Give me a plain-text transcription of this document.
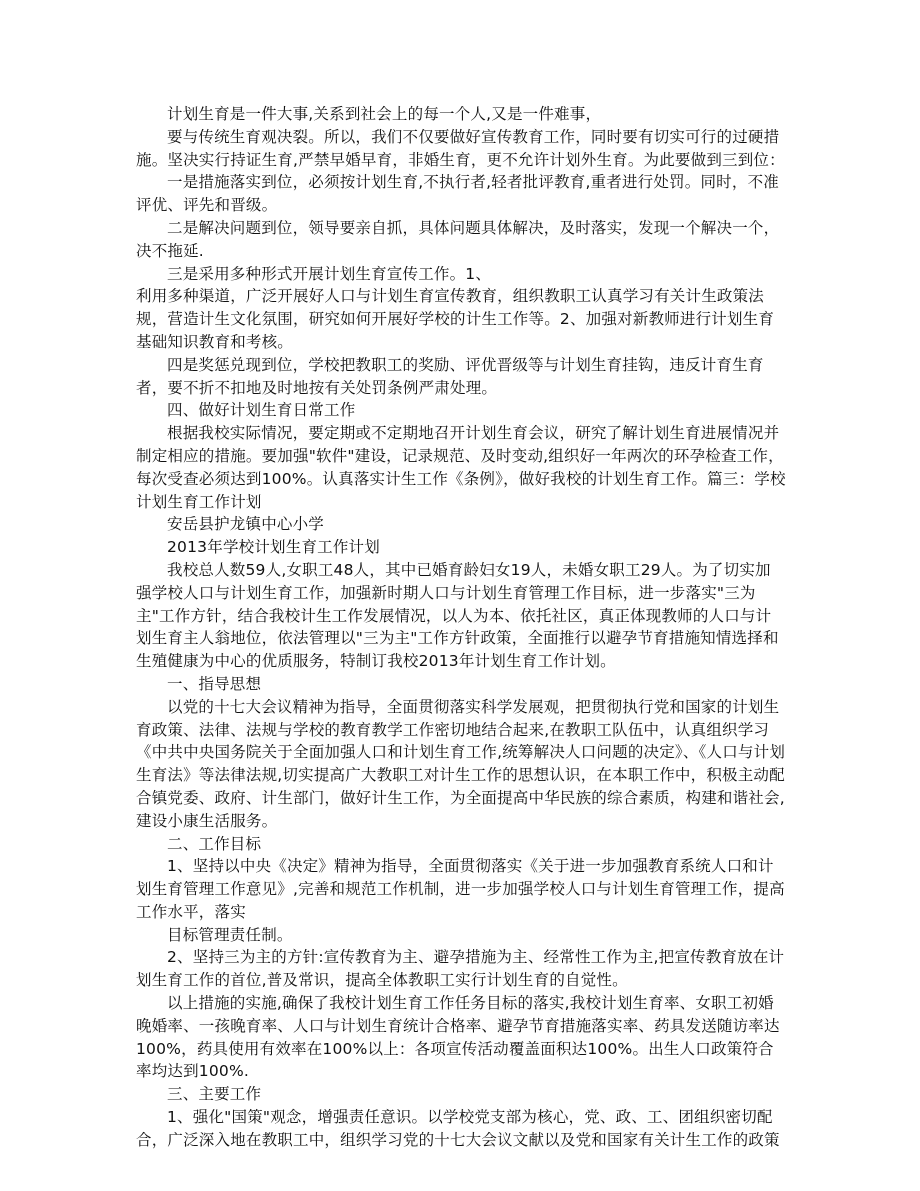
计划生育是一件大事,关系到社会上的每一个人,又是一件难事，

要与传统生育观决裂。所以，我们不仅要做好宣传教育工作，同时要有切实可行的过硬措施。坚决实行持证生育,严禁早婚早育，非婚生育，更不允许计划外生育。为此要做到三到位：

一是措施落实到位，必须按计划生育,不执行者,轻者批评教育,重者进行处罚。同时，不准评优、评先和晋级。

二是解决问题到位，领导要亲自抓，具体问题具体解决，及时落实，发现一个解决一个，决不拖延.

三是采用多种形式开展计划生育宣传工作。1、

利用多种渠道，广泛开展好人口与计划生育宣传教育，组织教职工认真学习有关计生政策法规，营造计生文化氛围，研究如何开展好学校的计生工作等。2、加强对新教师进行计划生育基础知识教育和考核。

四是奖惩兑现到位，学校把教职工的奖励、评优晋级等与计划生育挂钩，违反计育生育者，要不折不扣地及时地按有关处罚条例严肃处理。

四、做好计划生育日常工作

根据我校实际情况，要定期或不定期地召开计划生育会议，研究了解计划生育进展情况并制定相应的措施。要加强"软件"建设，记录规范、及时变动,组织好一年两次的环孕检查工作，每次受查必须达到100%。认真落实计生工作《条例》，做好我校的计划生育工作。篇三：学校计划生育工作计划

安岳县护龙镇中心小学

2013年学校计划生育工作计划

我校总人数59人,女职工48人，其中已婚育龄妇女19人，未婚女职工29人。为了切实加强学校人口与计划生育工作，加强新时期人口与计划生育管理工作目标，进一步落实"三为主"工作方针，结合我校计生工作发展情况，以人为本、依托社区，真正体现教师的人口与计划生育主人翁地位，依法管理以"三为主"工作方针政策，全面推行以避孕节育措施知情选择和生殖健康为中心的优质服务，特制订我校2013年计划生育工作计划。

一、指导思想

以党的十七大会议精神为指导，全面贯彻落实科学发展观，把贯彻执行党和国家的计划生育政策、法律、法规与学校的教育教学工作密切地结合起来,在教职工队伍中，认真组织学习《中共中央国务院关于全面加强人口和计划生育工作,统筹解决人口问题的决定》、《人口与计划生育法》等法律法规,切实提高广大教职工对计生工作的思想认识，在本职工作中，积极主动配合镇党委、政府、计生部门，做好计生工作，为全面提高中华民族的综合素质，构建和谐社会,建设小康生活服务。

二、工作目标

1、坚持以中央《决定》精神为指导，全面贯彻落实《关于进一步加强教育系统人口和计划生育管理工作意见》,完善和规范工作机制，进一步加强学校人口与计划生育管理工作，提高工作水平，落实

目标管理责任制。

2、坚持三为主的方针:宣传教育为主、避孕措施为主、经常性工作为主,把宣传教育放在计划生育工作的首位,普及常识，提高全体教职工实行计划生育的自觉性。

以上措施的实施,确保了我校计划生育工作任务目标的落实,我校计划生育率、女职工初婚晚婚率、一孩晚育率、人口与计划生育统计合格率、避孕节育措施落实率、药具发送随访率达100%，药具使用有效率在100%以上：各项宣传活动覆盖面积达100%。出生人口政策符合率均达到100%.

三、主要工作

1、强化"国策"观念，增强责任意识。以学校党支部为核心，党、政、工、团组织密切配合，广泛深入地在教职工中，组织学习党的十七大会议文献以及党和国家有关计生工作的政策
